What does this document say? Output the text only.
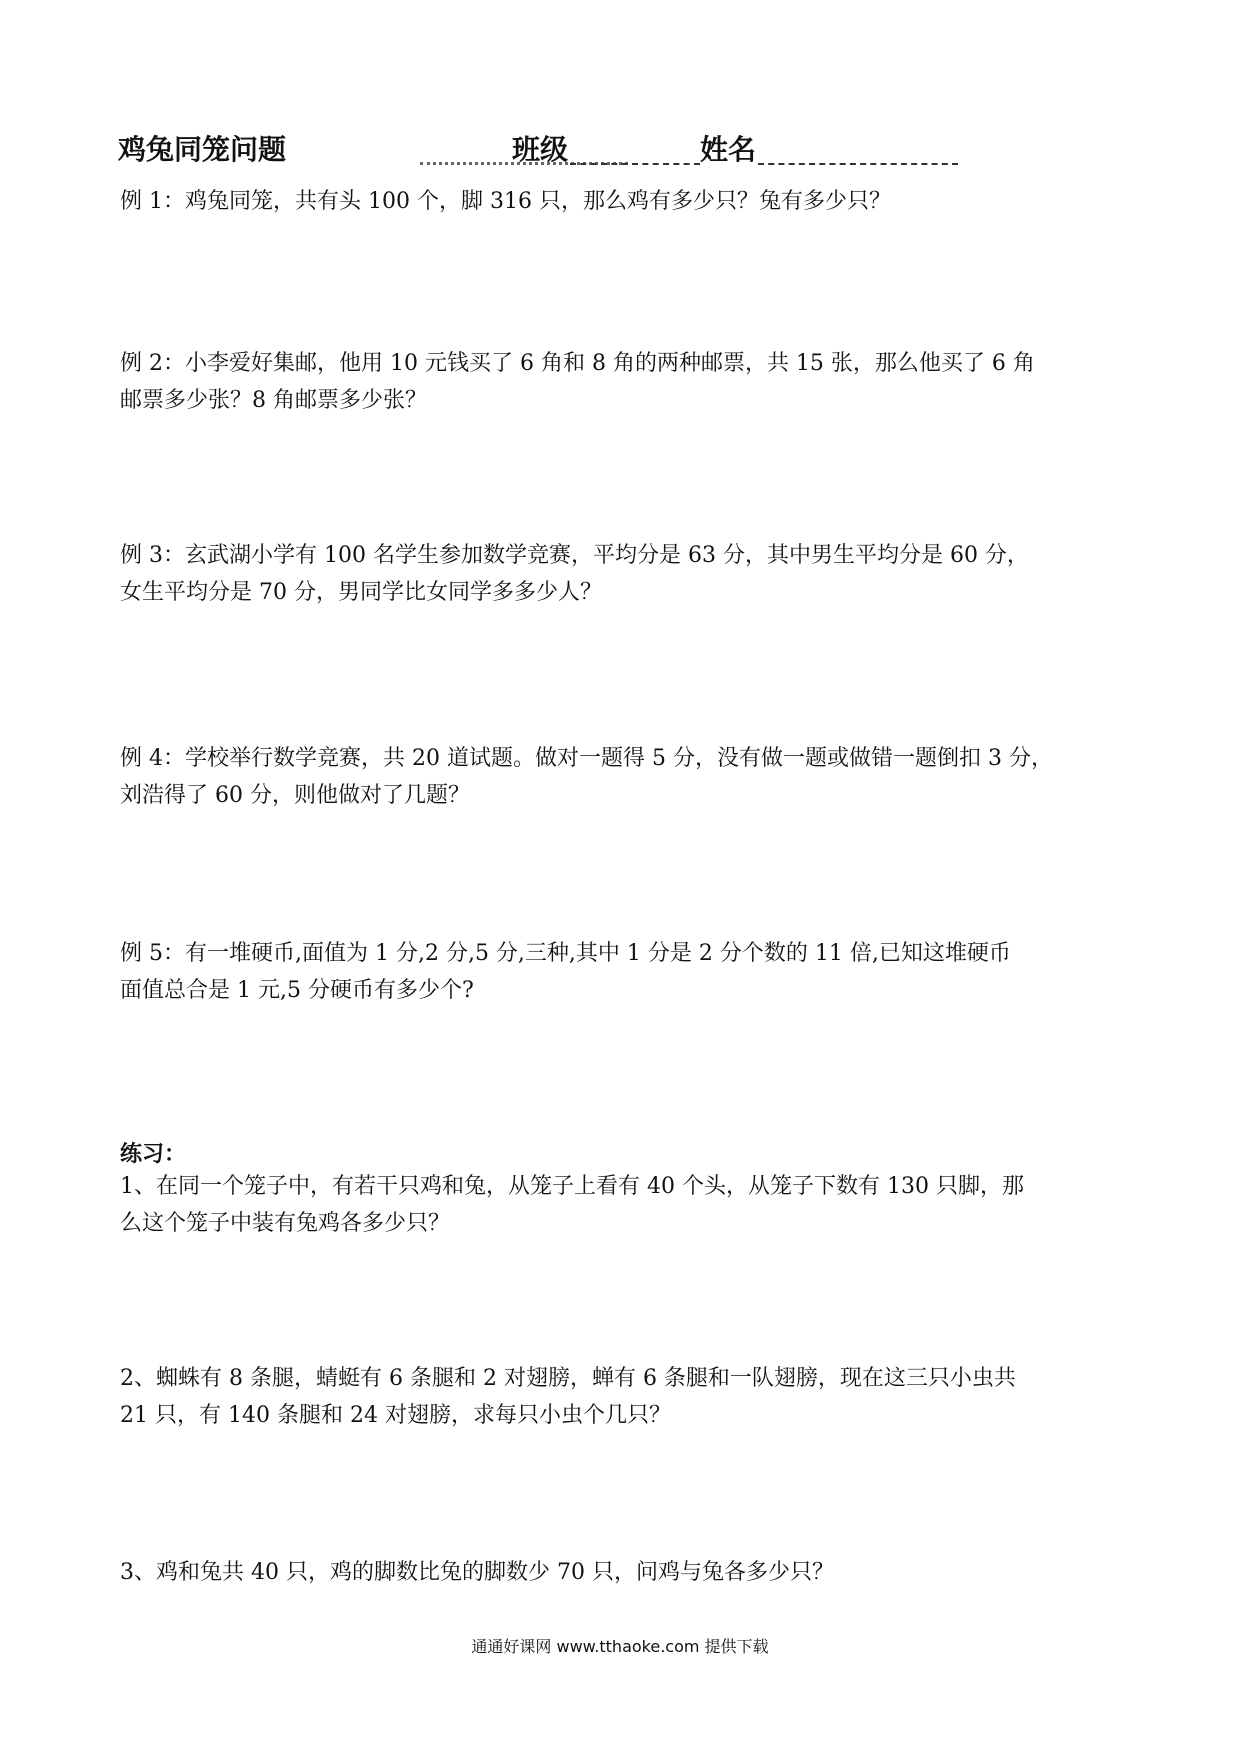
鸡兔同笼问题	班级	姓名

例 1：鸡兔同笼，共有头 100 个，脚 316 只，那么鸡有多少只？兔有多少只？

例 2：小李爱好集邮，他用 10 元钱买了 6 角和 8 角的两种邮票，共 15 张，那么他买了 6 角

邮票多少张？8 角邮票多少张？

例 3：玄武湖小学有 100 名学生参加数学竞赛，平均分是 63 分，其中男生平均分是 60 分，

女生平均分是 70 分，男同学比女同学多多少人？

例 4：学校举行数学竞赛，共 20 道试题。做对一题得 5 分，没有做一题或做错一题倒扣 3 分，

刘浩得了 60 分，则他做对了几题？

例 5：有一堆硬币,面值为 1 分,2 分,5 分,三种,其中 1 分是 2 分个数的 11 倍,已知这堆硬币

面值总合是 1 元,5 分硬币有多少个?

练习：

1、在同一个笼子中，有若干只鸡和兔，从笼子上看有 40 个头，从笼子下数有 130 只脚，那

么这个笼子中装有兔鸡各多少只？

2、蜘蛛有 8 条腿，蜻蜓有 6 条腿和 2 对翅膀，蝉有 6 条腿和一队翅膀，现在这三只小虫共

21 只，有 140 条腿和 24 对翅膀，求每只小虫个几只？

3、鸡和兔共 40 只，鸡的脚数比兔的脚数少 70 只，问鸡与兔各多少只？

通通好课网 www.tthaoke.com 提供下载
